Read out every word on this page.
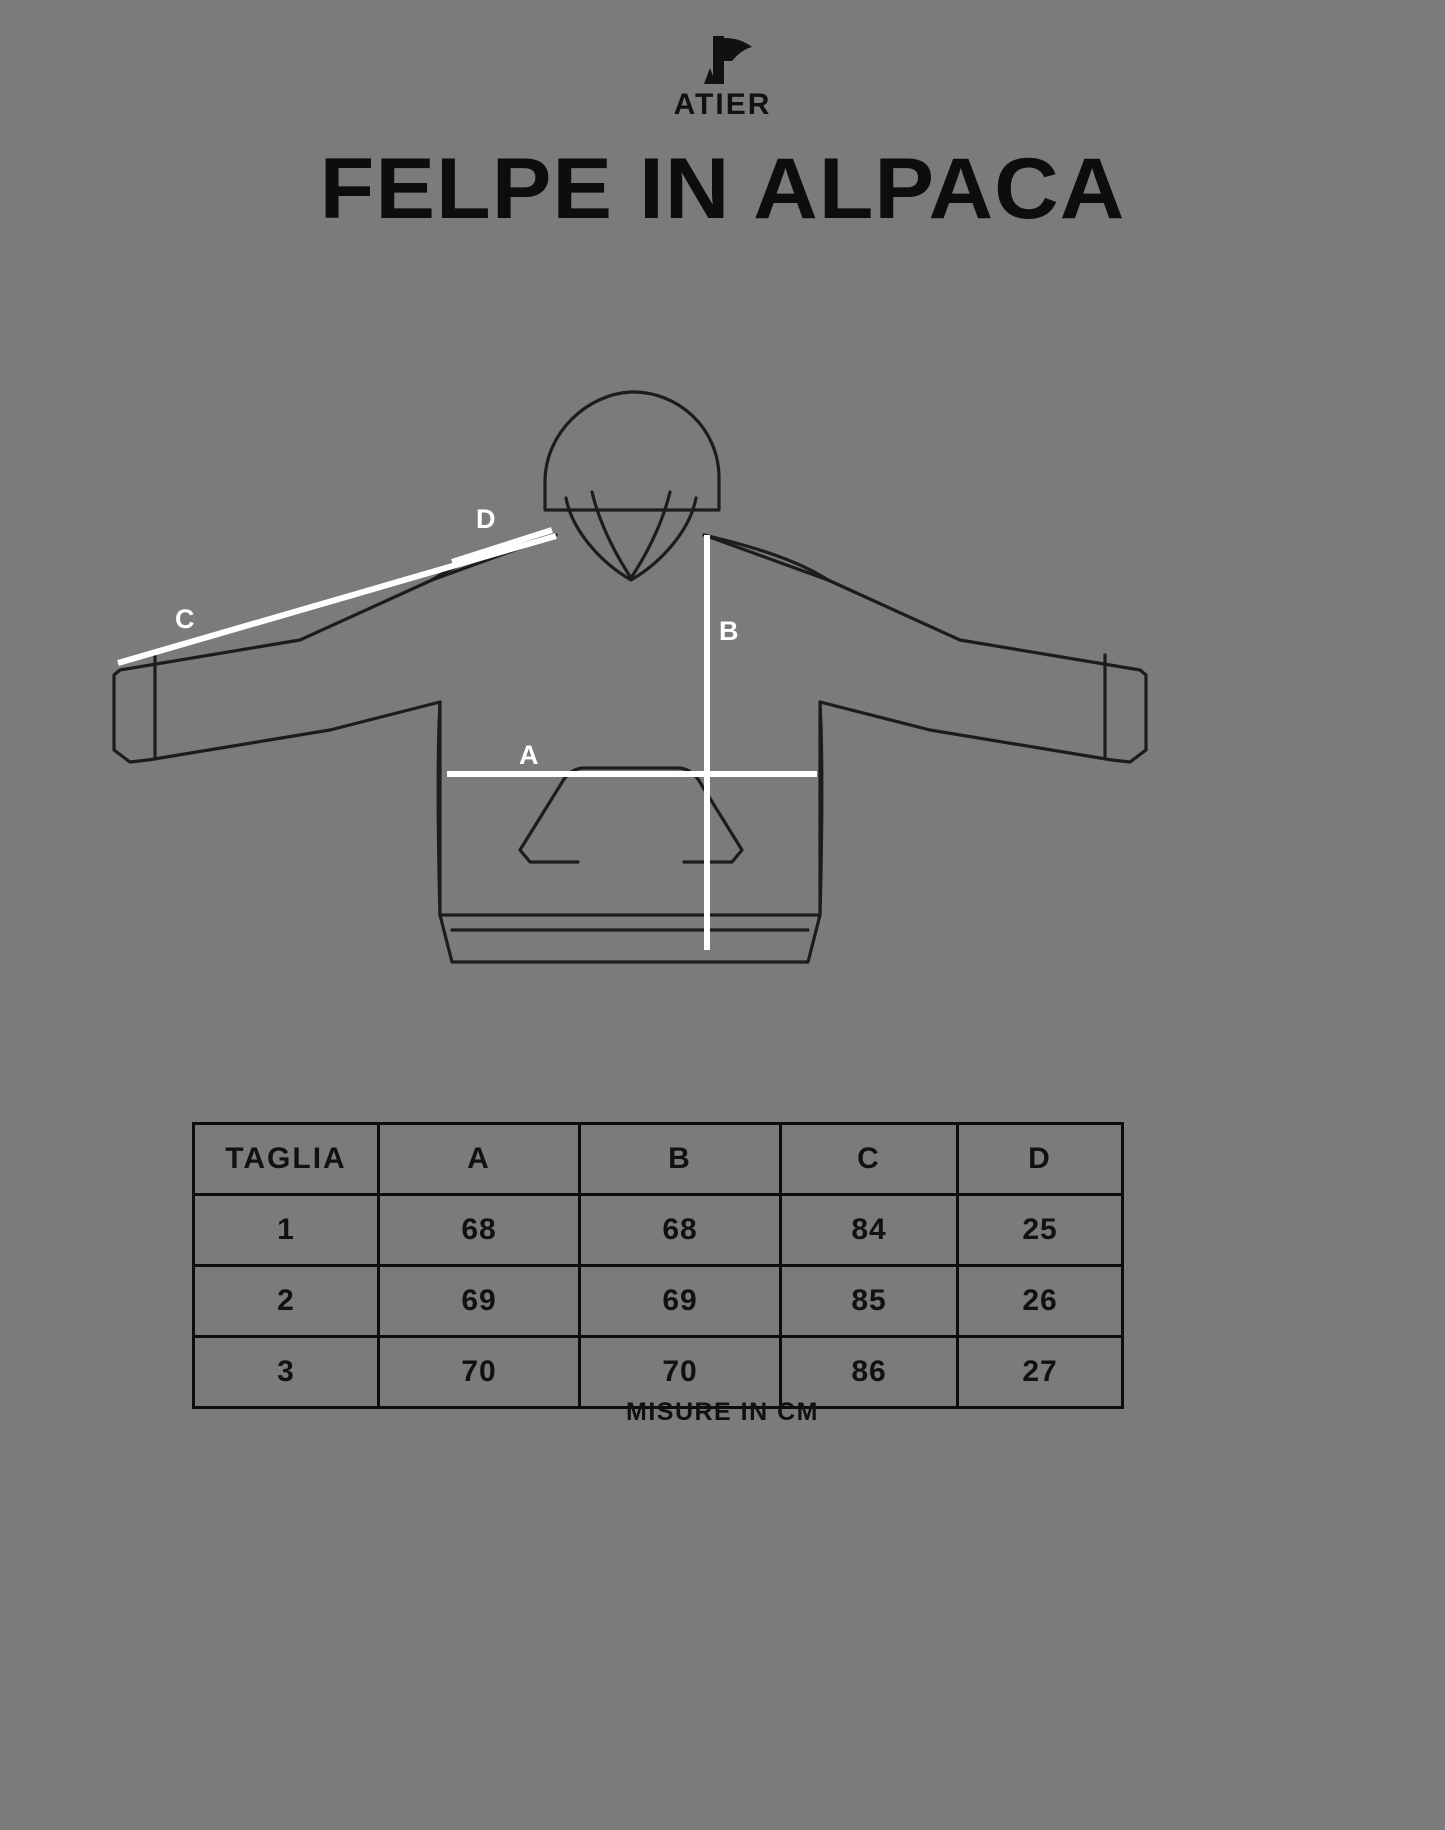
ATIER
FELPE IN ALPACA
A
B
C
D
TAGLIA	A	B	C	D
1	68	68	84	25
2	69	69	85	26
3	70	70	86	27
MISURE IN CM
